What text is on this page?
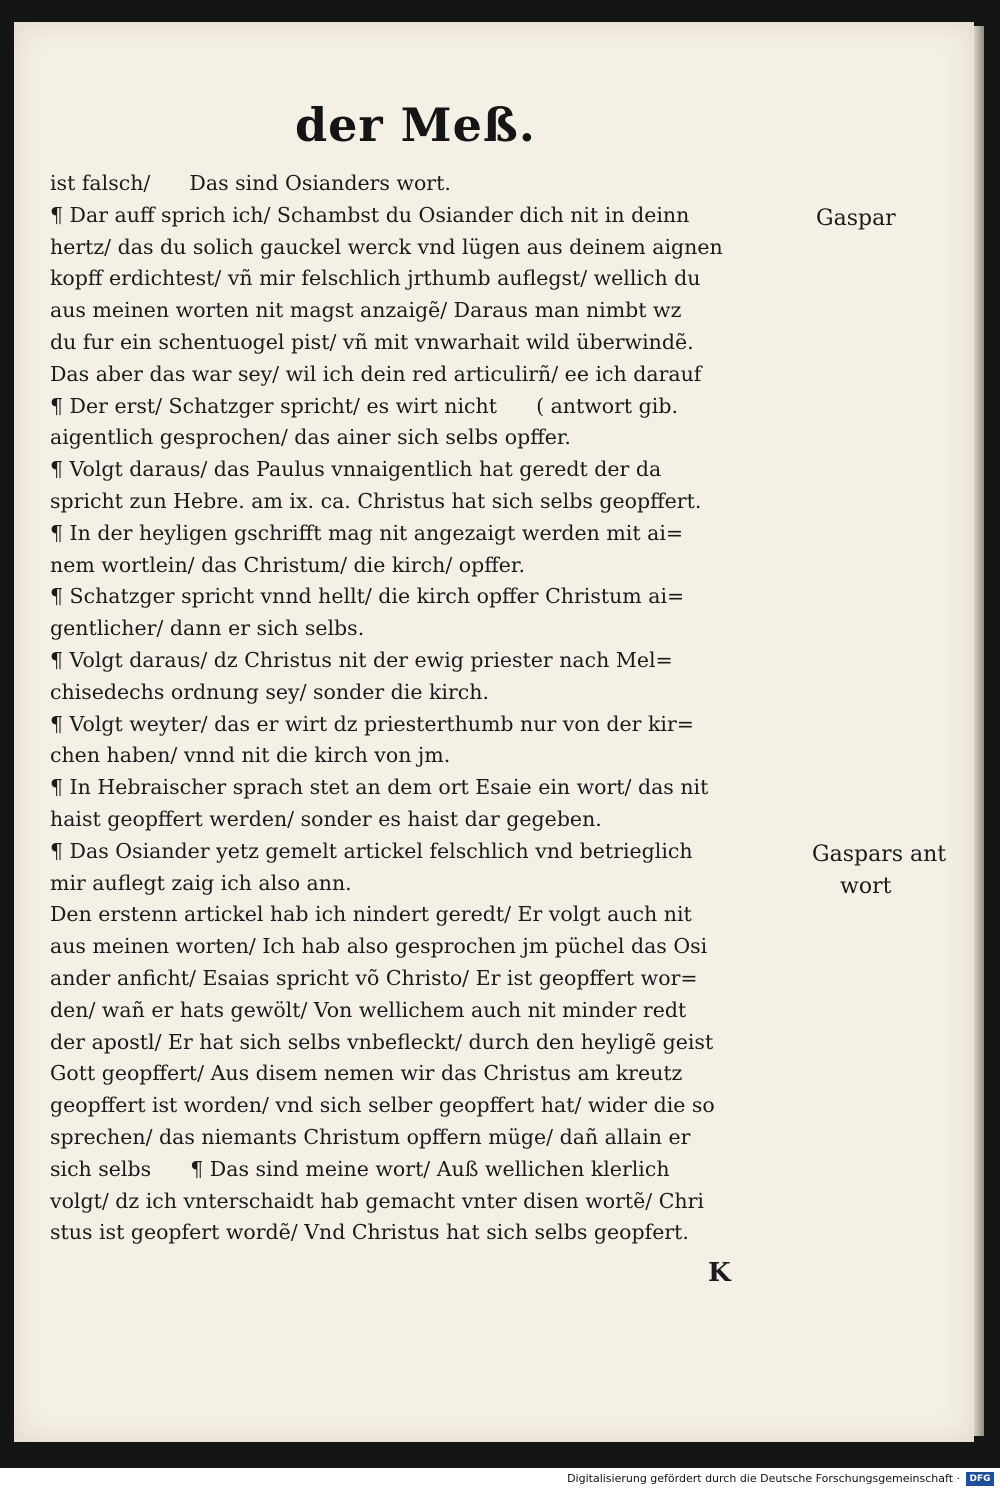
der Meß.
ist falsch/      Das sind Osianders wort.
¶ Dar auff sprich ich/ Schambst du Osiander dich nit in deinn
hertz/ das du solich gauckel werck vnd lügen aus deinem aignen
kopff erdichtest/ vñ mir felschlich jrthumb auflegst/ wellich du
aus meinen worten nit magst anzaigẽ/ Daraus man nimbt wz
du fur ein schentuogel pist/ vñ mit vnwarhait wild überwindẽ.
Das aber das war sey/ wil ich dein red articulirñ/ ee ich darauf
¶ Der erst/ Schatzger spricht/ es wirt nicht      ( antwort gib.
aigentlich gesprochen/ das ainer sich selbs opffer.
¶ Volgt daraus/ das Paulus vnnaigentlich hat geredt der da
spricht zun Hebre. am ix. ca. Christus hat sich selbs geopffert.
¶ In der heyligen gschrifft mag nit angezaigt werden mit ai=
nem wortlein/ das Christum/ die kirch/ opffer.
¶ Schatzger spricht vnnd hellt/ die kirch opffer Christum ai=
gentlicher/ dann er sich selbs.
¶ Volgt daraus/ dz Christus nit der ewig priester nach Mel=
chisedechs ordnung sey/ sonder die kirch.
¶ Volgt weyter/ das er wirt dz priesterthumb nur von der kir=
chen haben/ vnnd nit die kirch von jm.
¶ In Hebraischer sprach stet an dem ort Esaie ein wort/ das nit
haist geopffert werden/ sonder es haist dar gegeben.
¶ Das Osiander yetz gemelt artickel felschlich vnd betrieglich
mir auflegt zaig ich also ann.
Den erstenn artickel hab ich nindert geredt/ Er volgt auch nit
aus meinen worten/ Ich hab also gesprochen jm püchel das Osi
ander anficht/ Esaias spricht võ Christo/ Er ist geopffert wor=
den/ wañ er hats gewölt/ Von wellichem auch nit minder redt
der apostl/ Er hat sich selbs vnbefleckt/ durch den heyligẽ geist
Gott geopffert/ Aus disem nemen wir das Christus am kreutz
geopffert ist worden/ vnd sich selber geopffert hat/ wider die so
sprechen/ das niemants Christum opffern müge/ dañ allain er
sich selbs      ¶ Das sind meine wort/ Auß wellichen klerlich
volgt/ dz ich vnterschaidt hab gemacht vnter disen wortẽ/ Chri
stus ist geopfert wordẽ/ Vnd Christus hat sich selbs geopfert.
Gaspar
Gaspars ant
wort
K
Digitalisierung gefördert durch die Deutsche Forschungsgemeinschaft ·	DFG
